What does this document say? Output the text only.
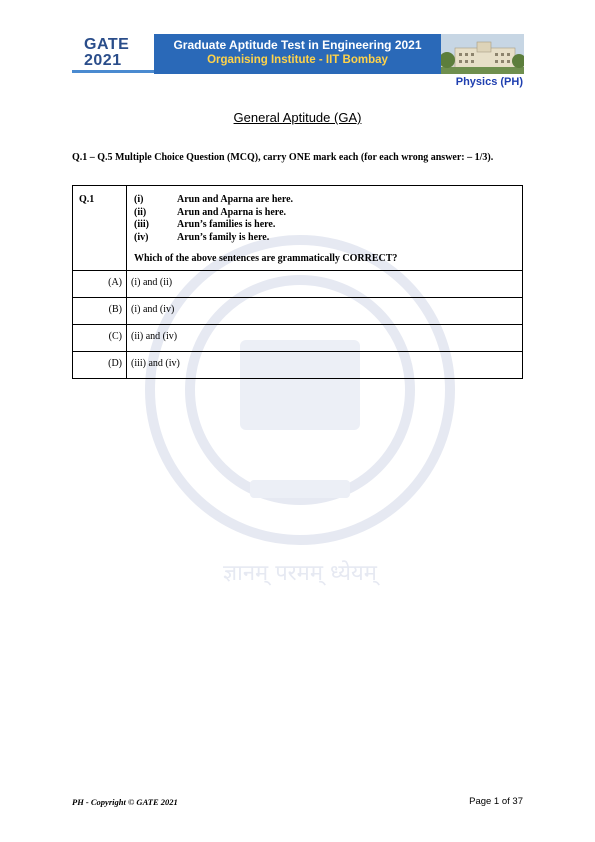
ज्ञानम् परमम् ध्येयम्
GATE
2021
Graduate Aptitude Test in Engineering 2021
Organising Institute - IIT Bombay
Physics (PH)
General Aptitude (GA)
Q.1 – Q.5 Multiple Choice Question (MCQ), carry ONE mark each (for each wrong answer: – 1/3).
Q.1	(i)	Arun and Aparna are here.
(ii)	Arun and Aparna is here.
(iii)	Arun’s families is here.
(iv)	Arun’s family is here.
Which of the above sentences are grammatically CORRECT?
(A) (i) and (ii)
(B) (i) and (iv)
(C) (ii) and (iv)
(D) (iii) and (iv)
PH - Copyright © GATE 2021	Page 1 of 37
